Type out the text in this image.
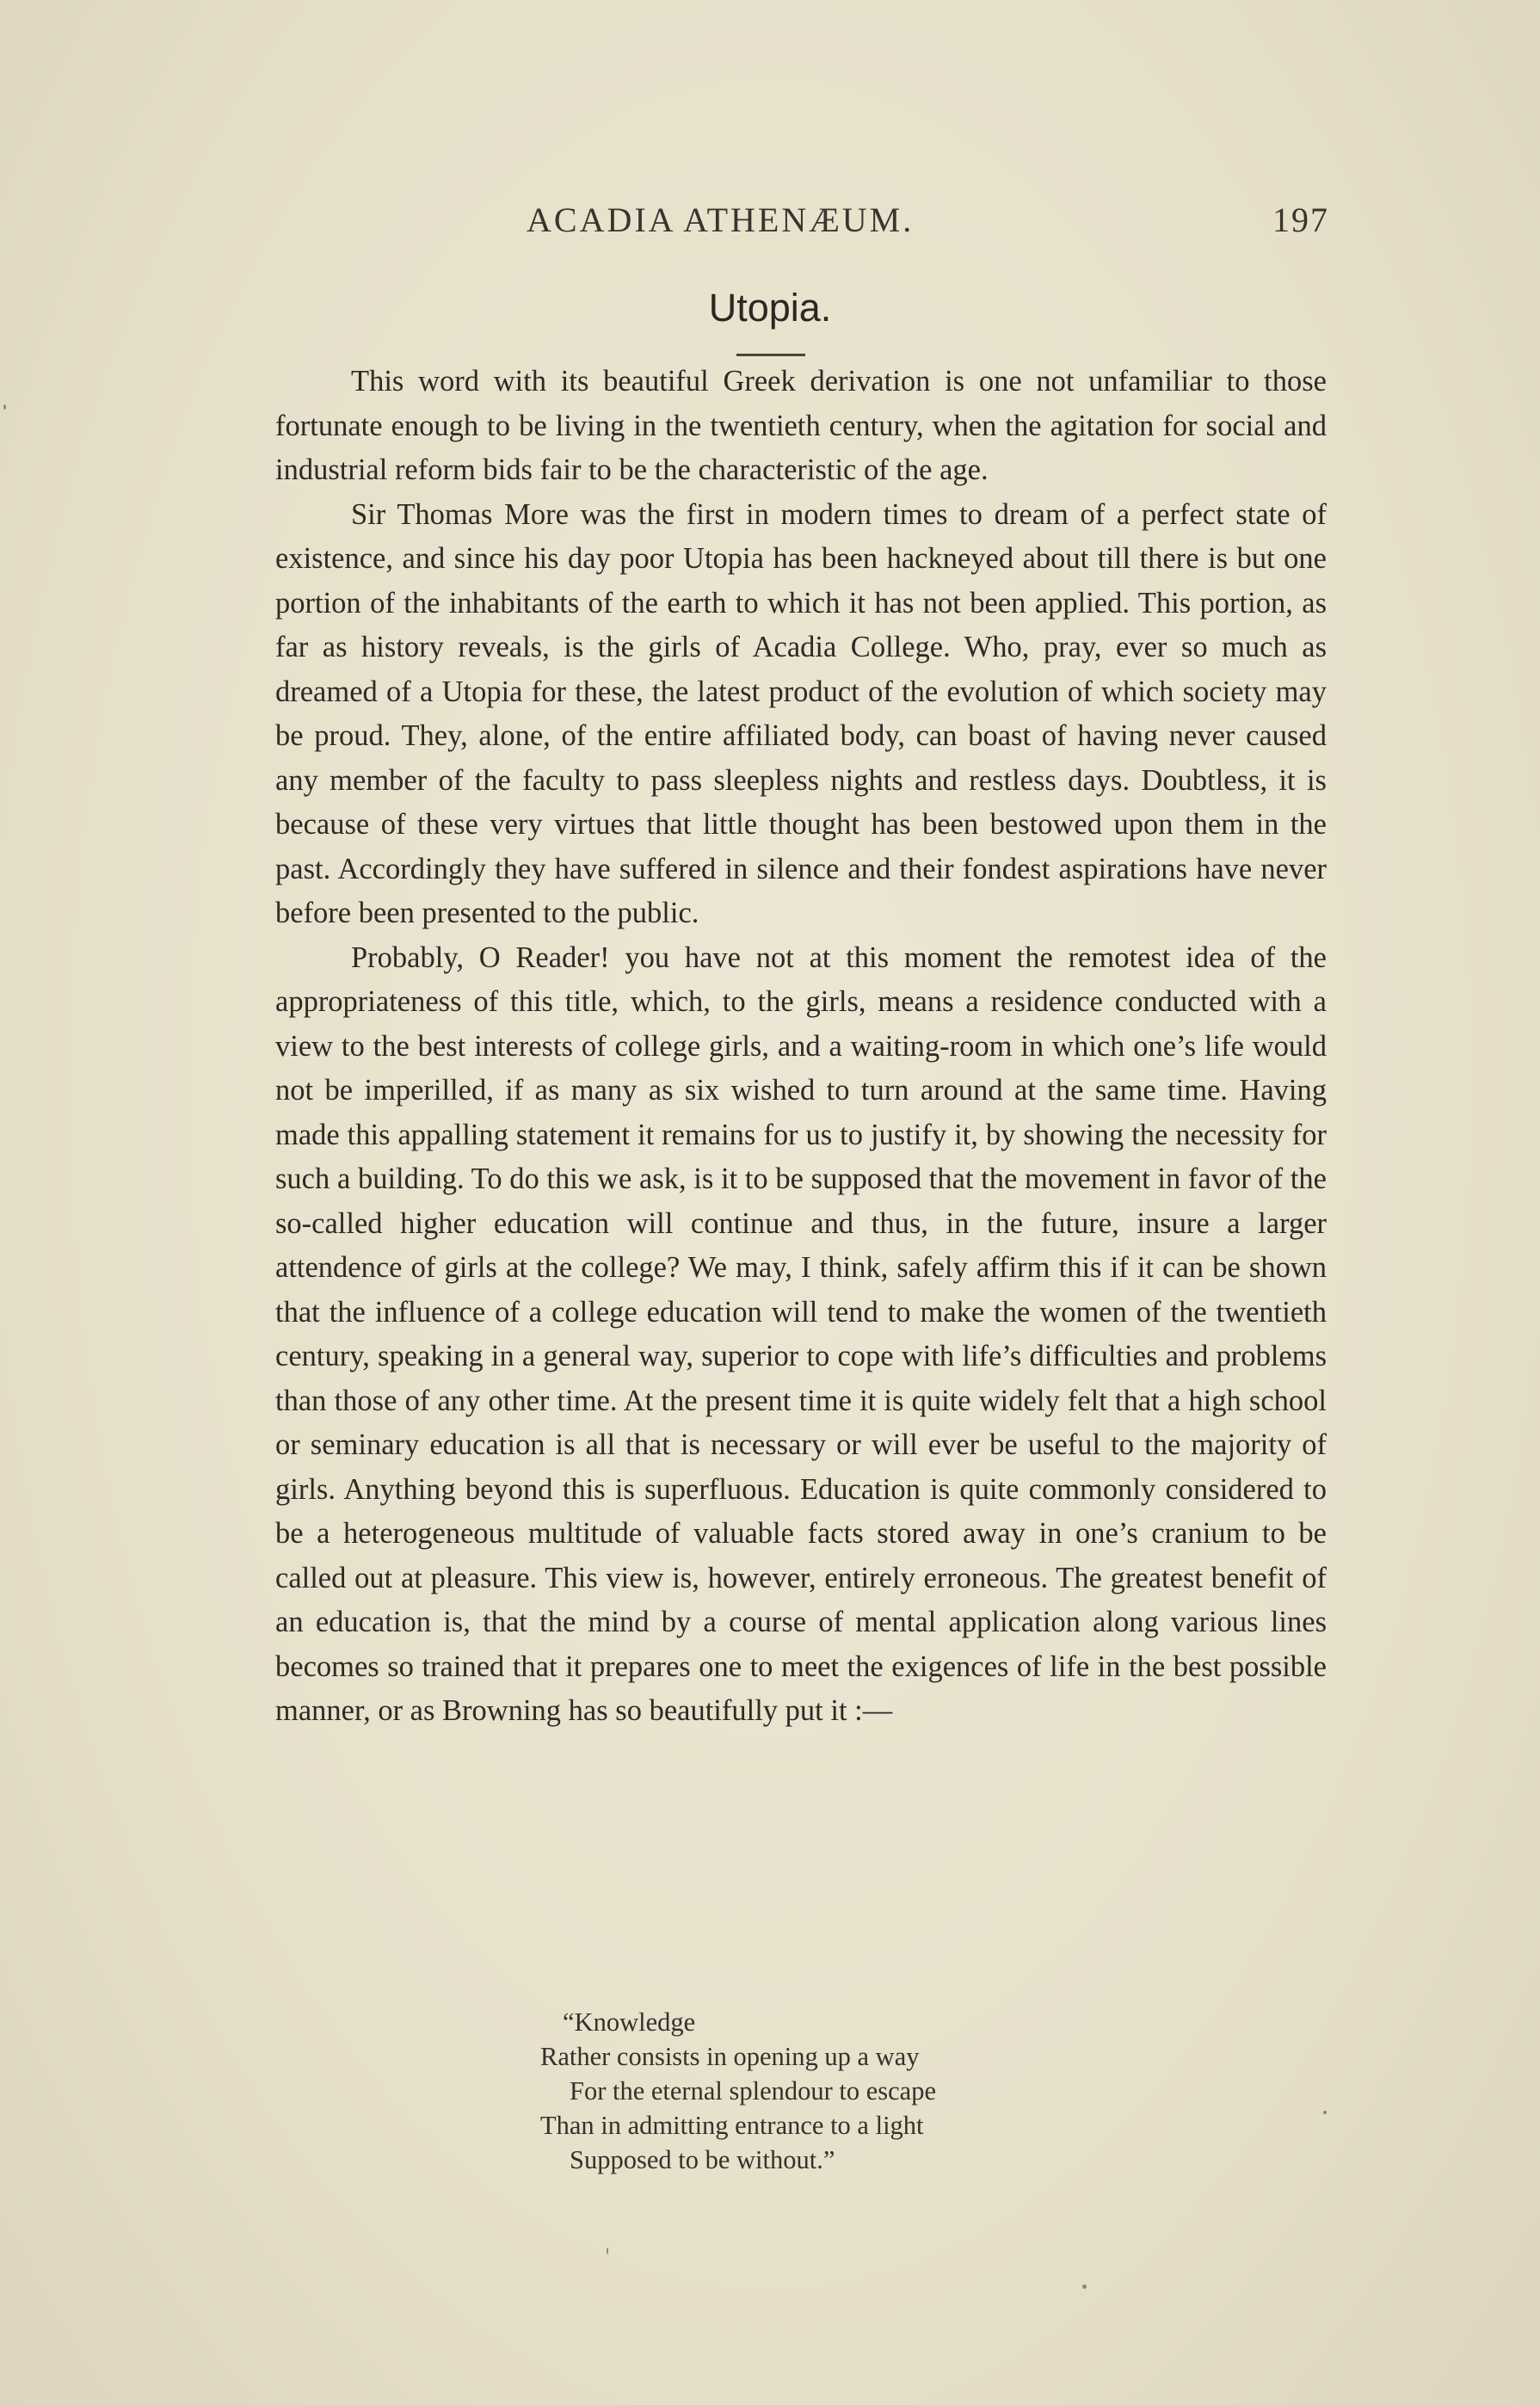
ACADIA ATHENÆUM.	197
Utopia.

This word with its beautiful Greek derivation is one not unfamiliar to those fortunate enough to be living in the twentieth century, when the agitation for social and industrial reform bids fair to be the characteristic of the age.

Sir Thomas More was the first in modern times to dream of a perfect state of existence, and since his day poor Utopia has been hackneyed about till there is but one portion of the inhabitants of the earth to which it has not been applied. This portion, as far as history reveals, is the girls of Acadia College. Who, pray, ever so much as dreamed of a Utopia for these, the latest product of the evolution of which society may be proud. They, alone, of the entire affiliated body, can boast of having never caused any member of the faculty to pass sleepless nights and restless days. Doubtless, it is because of these very virtues that little thought has been bestowed upon them in the past. Accordingly they have suffered in silence and their fondest aspirations have never before been presented to the public.

Probably, O Reader! you have not at this moment the remotest idea of the appropriateness of this title, which, to the girls, means a residence conducted with a view to the best interests of college girls, and a waiting-room in which one’s life would not be imperilled, if as many as six wished to turn around at the same time. Having made this appalling statement it remains for us to justify it, by showing the necessity for such a building. To do this we ask, is it to be supposed that the movement in favor of the so-called higher education will continue and thus, in the future, insure a larger attendence of girls at the college? We may, I think, safely affirm this if it can be shown that the influence of a college education will tend to make the women of the twentieth century, speaking in a general way, superior to cope with life’s difficulties and problems than those of any other time. At the present time it is quite widely felt that a high school or seminary education is all that is necessary or will ever be useful to the majority of girls. Anything beyond this is superfluous. Education is quite commonly considered to be a heterogeneous multitude of valuable facts stored away in one’s cranium to be called out at pleasure. This view is, however, entirely erroneous. The greatest benefit of an education is, that the mind by a course of mental application along various lines becomes so trained that it prepares one to meet the exigences of life in the best possible manner, or as Browning has so beautifully put it :—

“Knowledge
Rather consists in opening up a way
For the eternal splendour to escape
Than in admitting entrance to a light
Supposed to be without.”
